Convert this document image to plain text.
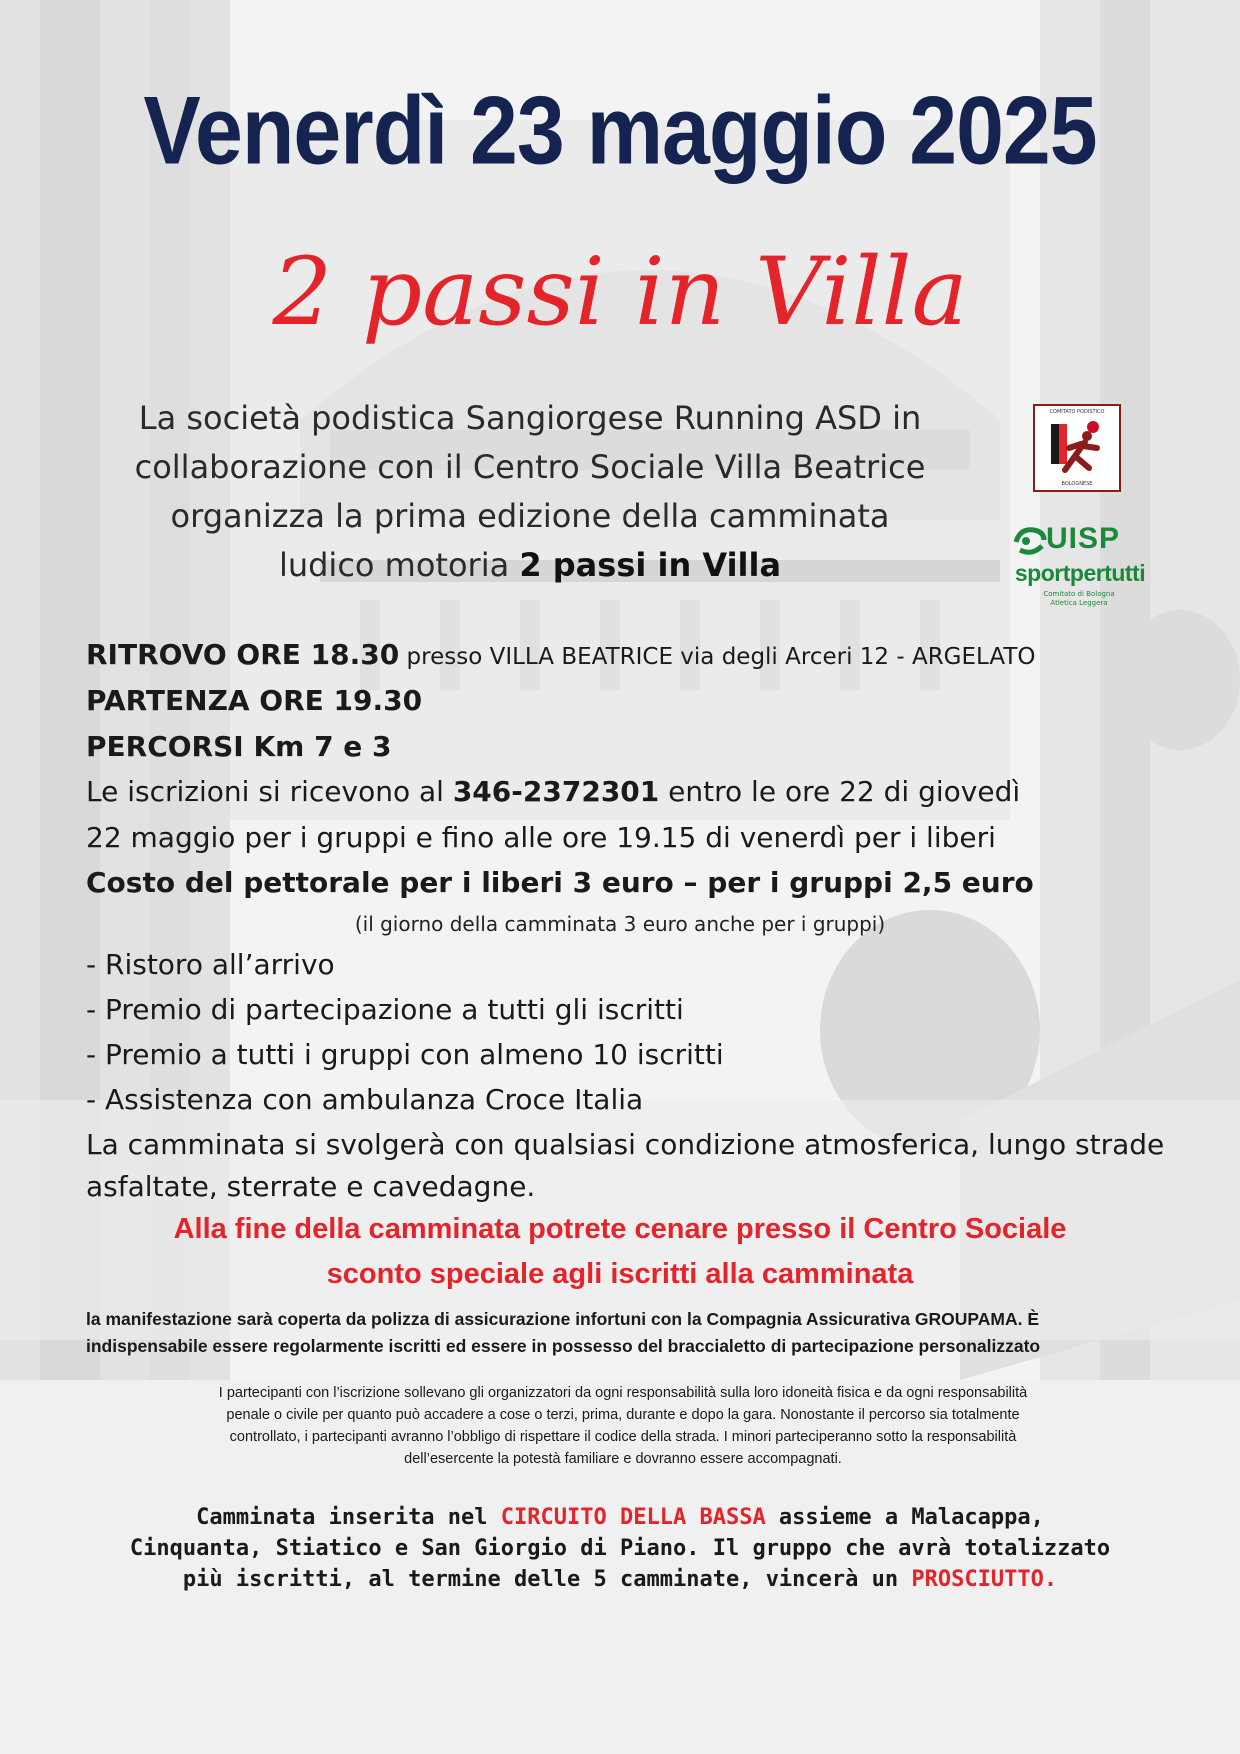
Venerdì 23 maggio 2025
2 passi in Villa
La società podistica Sangiorgese Running ASD in
collaborazione con il Centro Sociale Villa Beatrice
organizza la prima edizione della camminata
ludico motoria 2 passi in Villa
COMITATO PODISTICO
BOLOGNESE
UISP
sportpertutti
Comitato di Bologna
Atletica Leggera
RITROVO ORE 18.30 presso VILLA BEATRICE via degli Arceri 12 - ARGELATO
PARTENZA ORE 19.30
PERCORSI Km 7 e 3
Le iscrizioni si ricevono al 346-2372301 entro le ore 22 di giovedì
22 maggio per i gruppi e fino alle ore 19.15 di venerdì per i liberi
Costo del pettorale per i liberi 3 euro – per i gruppi 2,5 euro
(il giorno della camminata 3 euro anche per i gruppi)
- Ristoro all’arrivo
- Premio di partecipazione a tutti gli iscritti
- Premio a tutti i gruppi con almeno 10 iscritti
- Assistenza con ambulanza Croce Italia
La camminata si svolgerà con qualsiasi condizione atmosferica, lungo strade
asfaltate, sterrate e cavedagne.
Alla fine della camminata potrete cenare presso il Centro Sociale
sconto speciale agli iscritti alla camminata
la manifestazione sarà coperta da polizza di assicurazione infortuni con la Compagnia Assicurativa GROUPAMA. È
indispensabile essere regolarmente iscritti ed essere in possesso del braccialetto di partecipazione personalizzato
I partecipanti con l’iscrizione sollevano gli organizzatori da ogni responsabilità sulla loro idoneità fisica e da ogni responsabilità
penale o civile per quanto può accadere a cose o terzi, prima, durante e dopo la gara. Nonostante il percorso sia totalmente
controllato, i partecipanti avranno l’obbligo di rispettare il codice della strada. I minori parteciperanno sotto la responsabilità
dell’esercente la potestà familiare e dovranno essere accompagnati.
Camminata inserita nel CIRCUITO DELLA BASSA assieme a Malacappa,
Cinquanta, Stiatico e San Giorgio di Piano. Il gruppo che avrà totalizzato
più iscritti, al termine delle 5 camminate, vincerà un PROSCIUTTO.
